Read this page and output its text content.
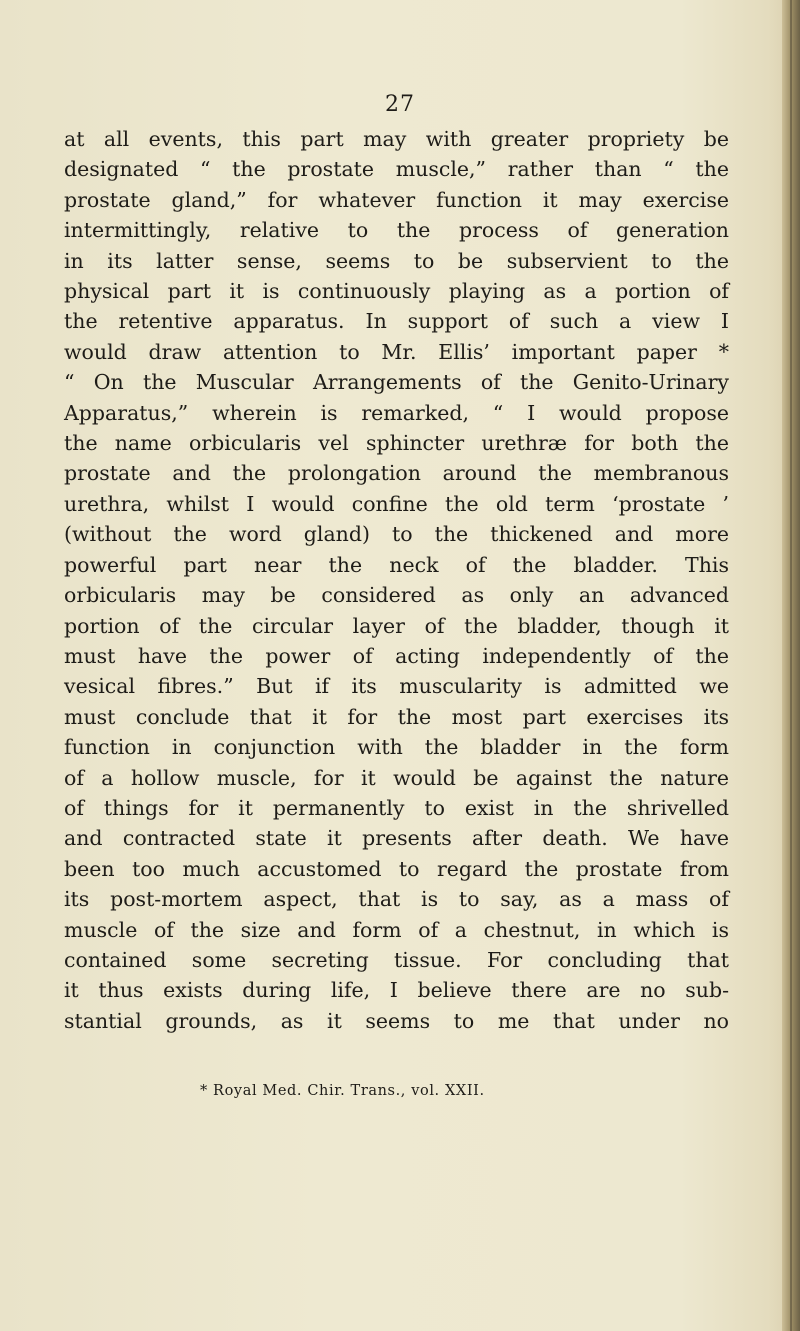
27
at all events, this part may with greater propriety be
designated “ the prostate muscle,” rather than “ the
prostate gland,” for whatever function it may exercise
intermittingly, relative to the process of generation
in its latter sense, seems to be subservient to the
physical part it is continuously playing as a portion of
the retentive apparatus. In support of such a view I
would draw attention to Mr. Ellis’ important paper *
“ On the Muscular Arrangements of the Genito-Urinary
Apparatus,” wherein is remarked, “ I would propose
the name orbicularis vel sphincter urethræ for both the
prostate and the prolongation around the membranous
urethra, whilst I would confine the old term ‘prostate ’
(without the word gland) to the thickened and more
powerful part near the neck of the bladder. This
orbicularis may be considered as only an advanced
portion of the circular layer of the bladder, though it
must have the power of acting independently of the
vesical fibres.” But if its muscularity is admitted we
must conclude that it for the most part exercises its
function in conjunction with the bladder in the form
of a hollow muscle, for it would be against the nature
of things for it permanently to exist in the shrivelled
and contracted state it presents after death. We have
been too much accustomed to regard the prostate from
its post-mortem aspect, that is to say, as a mass of
muscle of the size and form of a chestnut, in which is
contained some secreting tissue. For concluding that
it thus exists during life, I believe there are no sub-
stantial grounds, as it seems to me that under no
* Royal Med. Chir. Trans., vol. XXII.
